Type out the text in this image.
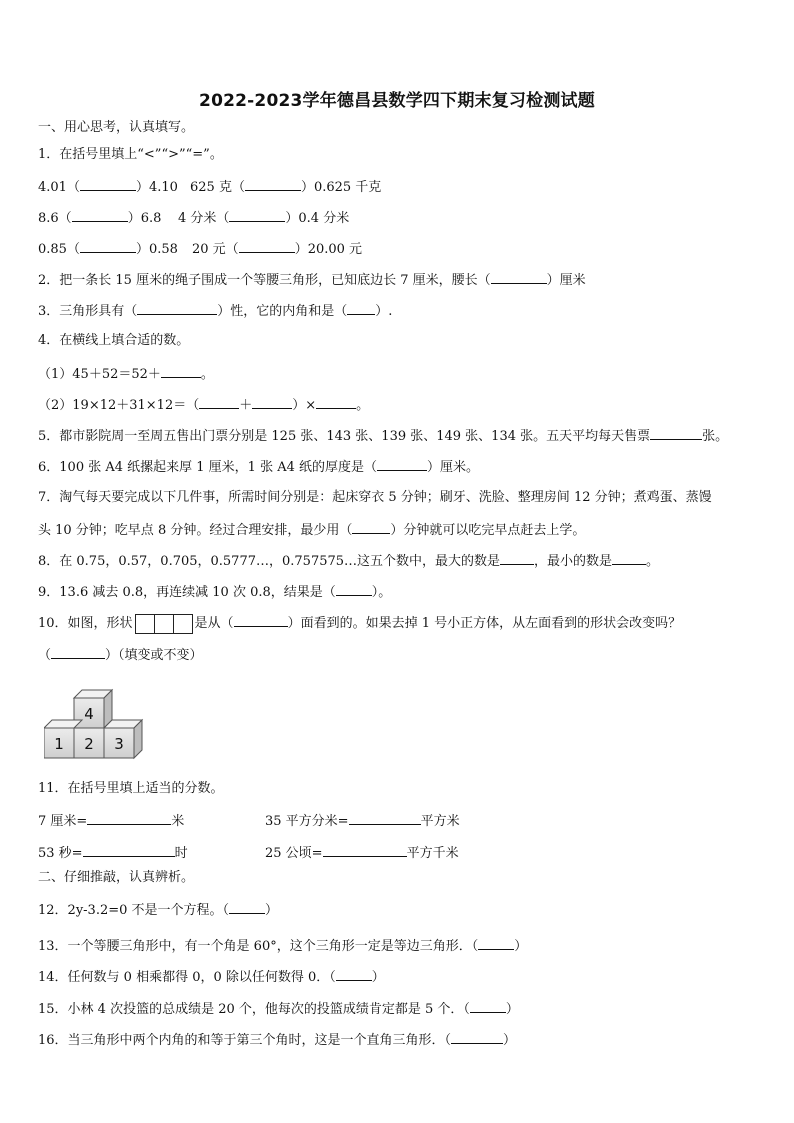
2022-2023学年德昌县数学四下期末复习检测试题
一、用心思考，认真填写。
1．在括号里填上“<”“>”“=”。
4.01（	）4.10 625 克（	）0.625 千克
8.6（	）6.8 4 分米（	）0.4 分米
0.85（	）0.58 20 元（	）20.00 元
2．把一条长 15 厘米的绳子围成一个等腰三角形，已知底边长 7 厘米，腰长（	）厘米
3．三角形具有（	）性，它的内角和是（ ）.
4．在横线上填合适的数。
（1）45＋52＝52＋	。
（2）19×12＋31×12＝（	＋	）×	。
5．都市影院周一至周五售出门票分别是 125 张、143 张、139 张、149 张、134 张。五天平均每天售票	张。
6．100 张 A4 纸摞起来厚 1 厘米，1 张 A4 纸的厚度是（	）厘米。
7．淘气每天要完成以下几件事，所需时间分别是：起床穿衣 5 分钟；刷牙、洗脸、整理房间 12 分钟；煮鸡蛋、蒸馒
头 10 分钟；吃早点 8 分钟。经过合理安排，最少用（	）分钟就可以吃完早点赶去上学。
8．在 0.75，0.57，0.705，0.5777…，0.757575…这五个数中，最大的数是	，最小的数是	。
9．13.6 减去 0.8，再连续减 10 次 0.8，结果是（	）。
10．如图，形状	是从（	）面看到的。如果去掉 1 号小正方体，从左面看到的形状会改变吗？
（	）（填变或不变）
4
1 2 3
11．在括号里填上适当的分数。
7 厘米=	米	35 平方分米=	平方米
53 秒=	时	25 公顷=	平方千米
二、仔细推敲，认真辨析。
12．2y-3.2=0 不是一个方程。（	）
13．一个等腰三角形中，有一个角是 60°，这个三角形一定是等边三角形．（	）
14．任何数与 0 相乘都得 0，0 除以任何数得 0．（	）
15．小林 4 次投篮的总成绩是 20 个，他每次的投篮成绩肯定都是 5 个．（	）
16．当三角形中两个内角的和等于第三个角时，这是一个直角三角形．（	）
